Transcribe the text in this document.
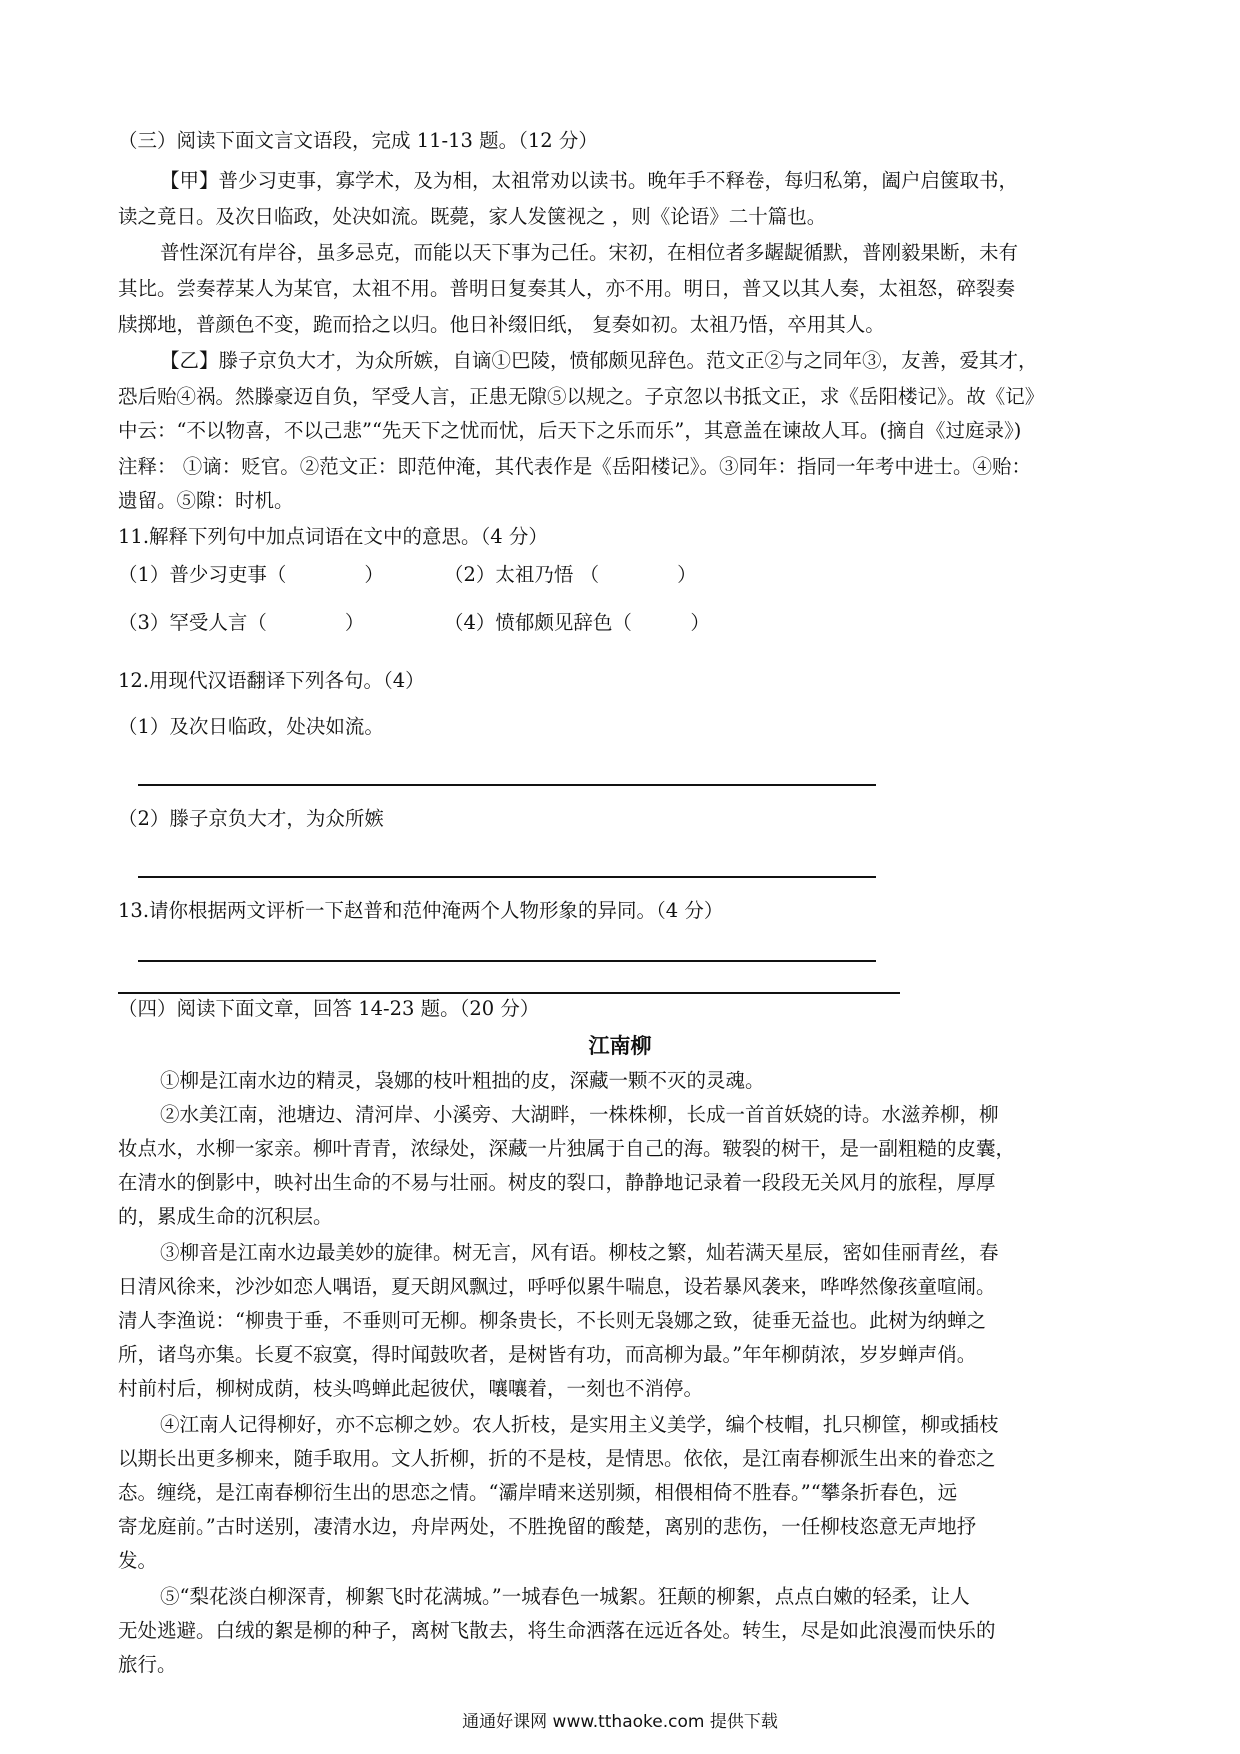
（三）阅读下面文言文语段，完成 11-13 题。（12 分）
【甲】普少习吏事，寡学术，及为相，太祖常劝以读书。晚年手不释卷，每归私第，阖户启箧取书，
读之竟日。及次日临政，处决如流。既薨，家人发箧视之 ，则《论语》二十篇也。
普性深沉有岸谷，虽多忌克，而能以天下事为己任。宋初，在相位者多龌龊循默，普刚毅果断，未有
其比。尝奏荐某人为某官，太祖不用。普明日复奏其人，亦不用。明日，普又以其人奏，太祖怒，碎裂奏
牍掷地，普颜色不变，跪而拾之以归。他日补缀旧纸， 复奏如初。太祖乃悟，卒用其人。
【乙】滕子京负大才，为众所嫉，自谪①巴陵，愤郁颇见辞色。范文正②与之同年③，友善，爱其才，
恐后贻④祸。然滕豪迈自负，罕受人言，正患无隙⑤以规之。子京忽以书抵文正，求《岳阳楼记》。故《记》
中云：“不以物喜，不以己悲”“先天下之忧而忧，后天下之乐而乐”，其意盖在谏故人耳。(摘自《过庭录》)
注释： ①谪：贬官。②范文正：即范仲淹，其代表作是《岳阳楼记》。③同年：指同一年考中进士。④贻：
遗留。⑤隙：时机。
11.解释下列句中加点词语在文中的意思。（4 分）
（1）普少习吏事（　　　　）	（2）太祖乃悟 （　　　　）
（3）罕受人言（　　　　）	（4）愤郁颇见辞色（　　　）
12.用现代汉语翻译下列各句。（4）
（1）及次日临政，处决如流。
（2）滕子京负大才，为众所嫉
13.请你根据两文评析一下赵普和范仲淹两个人物形象的异同。（4 分）
（四）阅读下面文章，回答 14-23 题。（20 分）
江南柳
①柳是江南水边的精灵，袅娜的枝叶粗拙的皮，深藏一颗不灭的灵魂。
②水美江南，池塘边、清河岸、小溪旁、大湖畔，一株株柳，长成一首首妖娆的诗。水滋养柳，柳
妆点水，水柳一家亲。柳叶青青，浓绿处，深藏一片独属于自己的海。皲裂的树干，是一副粗糙的皮囊，
在清水的倒影中，映衬出生命的不易与壮丽。树皮的裂口，静静地记录着一段段无关风月的旅程，厚厚
的，累成生命的沉积层。
③柳音是江南水边最美妙的旋律。树无言，风有语。柳枝之繁，灿若满天星辰，密如佳丽青丝，春
日清风徐来，沙沙如恋人喁语，夏天朗风飘过，呼呼似累牛喘息，设若暴风袭来，哗哗然像孩童喧闹。
清人李渔说：“柳贵于垂，不垂则可无柳。柳条贵长，不长则无袅娜之致，徒垂无益也。此树为纳蝉之
所，诸鸟亦集。长夏不寂寞，得时闻鼓吹者，是树皆有功，而高柳为最。”年年柳荫浓，岁岁蝉声俏。
村前村后，柳树成荫，枝头鸣蝉此起彼伏，嚷嚷着，一刻也不消停。
④江南人记得柳好，亦不忘柳之妙。农人折枝，是实用主义美学，编个枝帽，扎只柳筐，柳或插枝
以期长出更多柳来，随手取用。文人折柳，折的不是枝，是情思。依依，是江南春柳派生出来的眷恋之
态。缠绕，是江南春柳衍生出的思恋之情。“灞岸晴来送别频，相偎相倚不胜春。”“攀条折春色，远
寄龙庭前。”古时送别，凄清水边，舟岸两处，不胜挽留的酸楚，离别的悲伤，一任柳枝恣意无声地抒
发。
⑤“梨花淡白柳深青，柳絮飞时花满城。”一城春色一城絮。狂颠的柳絮，点点白嫩的轻柔，让人
无处逃避。白绒的絮是柳的种子，离树飞散去，将生命洒落在远近各处。转生，尽是如此浪漫而快乐的
旅行。
通通好课网 www.tthaoke.com 提供下载
